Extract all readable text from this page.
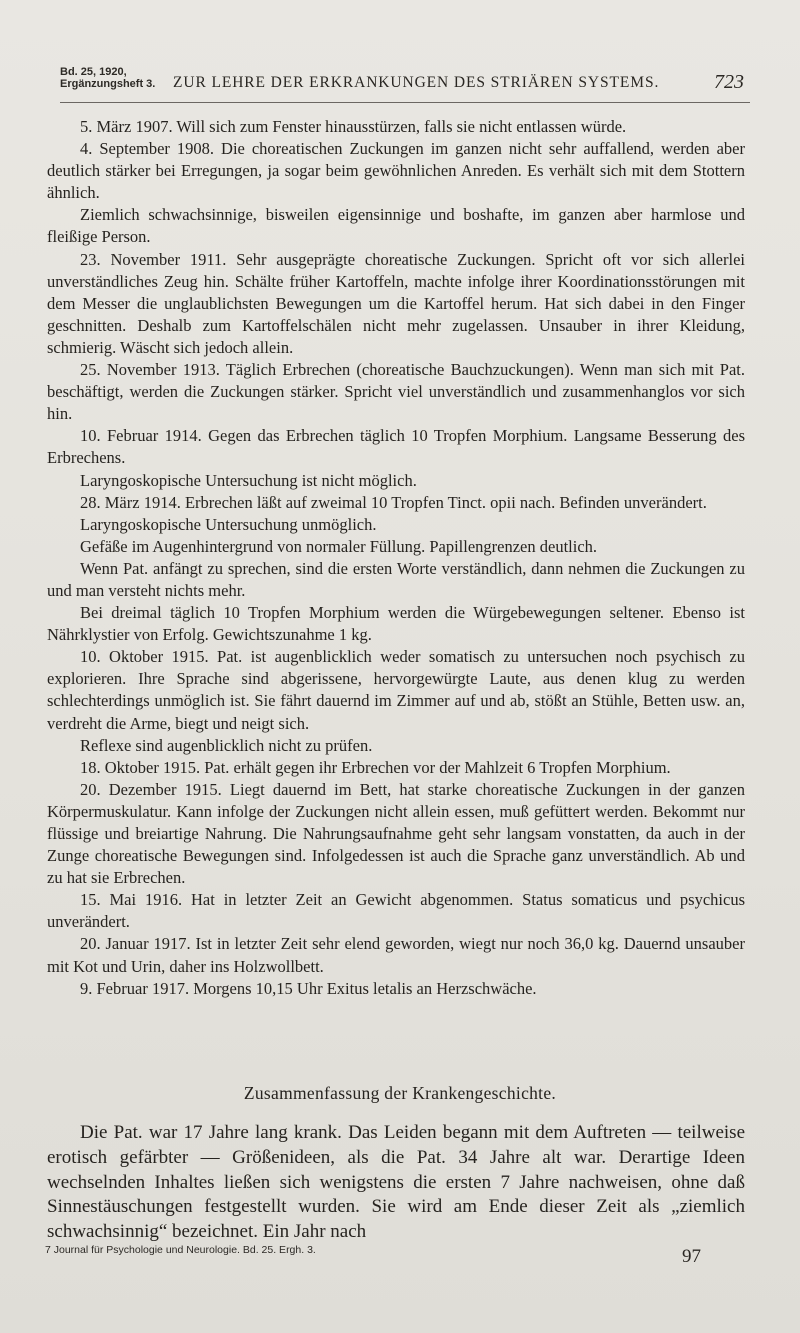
Bd. 25, 1920,
Ergänzungsheft 3. ZUR LEHRE DER ERKRANKUNGEN DES STRIÄREN SYSTEMS.	723

5. März 1907. Will sich zum Fenster hinausstürzen, falls sie nicht entlassen würde.

4. September 1908. Die choreatischen Zuckungen im ganzen nicht sehr auffallend, werden aber deutlich stärker bei Erregungen, ja sogar beim gewöhnlichen Anreden. Es verhält sich mit dem Stottern ähnlich.

Ziemlich schwachsinnige, bisweilen eigensinnige und boshafte, im ganzen aber harmlose und fleißige Person.

23. November 1911. Sehr ausgeprägte choreatische Zuckungen. Spricht oft vor sich allerlei unverständliches Zeug hin. Schälte früher Kartoffeln, machte infolge ihrer Koordinationsstörungen mit dem Messer die unglaublichsten Bewegungen um die Kartoffel herum. Hat sich dabei in den Finger geschnitten. Deshalb zum Kartoffelschälen nicht mehr zugelassen. Unsauber in ihrer Kleidung, schmierig. Wäscht sich jedoch allein.

25. November 1913. Täglich Erbrechen (choreatische Bauchzuckungen). Wenn man sich mit Pat. beschäftigt, werden die Zuckungen stärker. Spricht viel unverständlich und zusammenhanglos vor sich hin.

10. Februar 1914. Gegen das Erbrechen täglich 10 Tropfen Morphium. Langsame Besserung des Erbrechens.

Laryngoskopische Untersuchung ist nicht möglich.

28. März 1914. Erbrechen läßt auf zweimal 10 Tropfen Tinct. opii nach. Befinden unverändert.

Laryngoskopische Untersuchung unmöglich.

Gefäße im Augenhintergrund von normaler Füllung. Papillengrenzen deutlich.

Wenn Pat. anfängt zu sprechen, sind die ersten Worte verständlich, dann nehmen die Zuckungen zu und man versteht nichts mehr.

Bei dreimal täglich 10 Tropfen Morphium werden die Würgebewegungen seltener. Ebenso ist Nährklystier von Erfolg. Gewichtszunahme 1 kg.

10. Oktober 1915. Pat. ist augenblicklich weder somatisch zu untersuchen noch psychisch zu explorieren. Ihre Sprache sind abgerissene, hervorgewürgte Laute, aus denen klug zu werden schlechterdings unmöglich ist. Sie fährt dauernd im Zimmer auf und ab, stößt an Stühle, Betten usw. an, verdreht die Arme, biegt und neigt sich.

Reflexe sind augenblicklich nicht zu prüfen.

18. Oktober 1915. Pat. erhält gegen ihr Erbrechen vor der Mahlzeit 6 Tropfen Morphium.

20. Dezember 1915. Liegt dauernd im Bett, hat starke choreatische Zuckungen in der ganzen Körpermuskulatur. Kann infolge der Zuckungen nicht allein essen, muß gefüttert werden. Bekommt nur flüssige und breiartige Nahrung. Die Nahrungsaufnahme geht sehr langsam vonstatten, da auch in der Zunge choreatische Bewegungen sind. Infolgedessen ist auch die Sprache ganz unverständlich. Ab und zu hat sie Erbrechen.

15. Mai 1916. Hat in letzter Zeit an Gewicht abgenommen. Status somaticus und psychicus unverändert.

20. Januar 1917. Ist in letzter Zeit sehr elend geworden, wiegt nur noch 36,0 kg. Dauernd unsauber mit Kot und Urin, daher ins Holzwollbett.

9. Februar 1917. Morgens 10,15 Uhr Exitus letalis an Herzschwäche.

Zusammenfassung der Krankengeschichte.

Die Pat. war 17 Jahre lang krank. Das Leiden begann mit dem Auftreten — teilweise erotisch gefärbter — Größenideen, als die Pat. 34 Jahre alt war. Derartige Ideen wechselnden Inhaltes ließen sich wenigstens die ersten 7 Jahre nachweisen, ohne daß Sinnestäuschungen festgestellt wurden. Sie wird am Ende dieser Zeit als „ziemlich schwachsinnig“ bezeichnet. Ein Jahr nach

7 Journal für Psychologie und Neurologie. Bd. 25. Ergh. 3.	97
